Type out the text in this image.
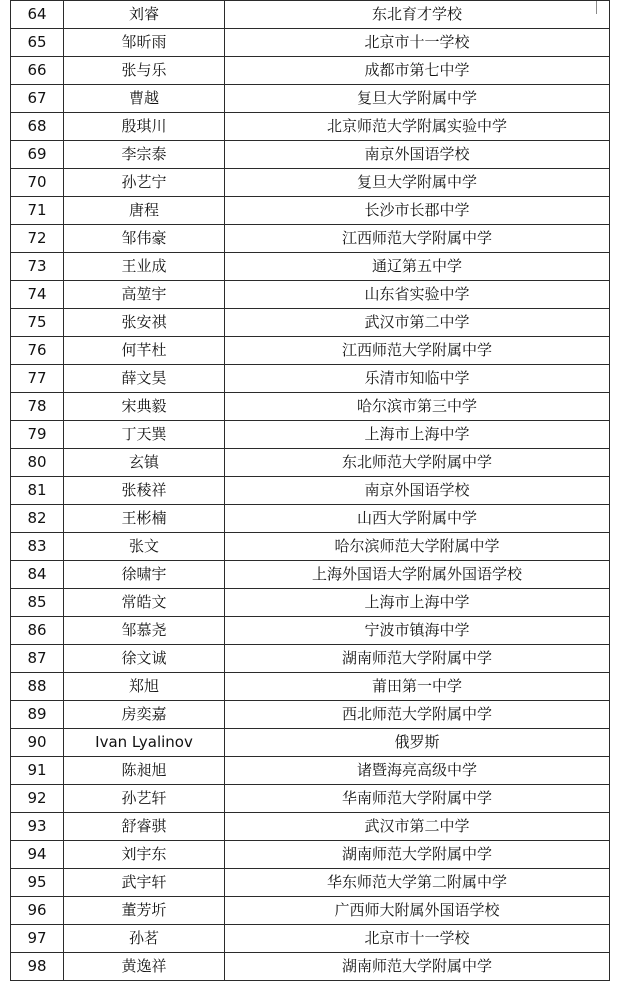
64	刘睿	东北育才学校
65	邹昕雨	北京市十一学校
66	张与乐	成都市第七中学
67	曹越	复旦大学附属中学
68	殷琪川	北京师范大学附属实验中学
69	李宗泰	南京外国语学校
70	孙艺宁	复旦大学附属中学
71	唐程	长沙市长郡中学
72	邹伟豪	江西师范大学附属中学
73	王业成	通辽第五中学
74	高堃宇	山东省实验中学
75	张安祺	武汉市第二中学
76	何芊杜	江西师范大学附属中学
77	薛文昊	乐清市知临中学
78	宋典毅	哈尔滨市第三中学
79	丁天巽	上海市上海中学
80	玄镇	东北师范大学附属中学
81	张稜祥	南京外国语学校
82	王彬楠	山西大学附属中学
83	张文	哈尔滨师范大学附属中学
84	徐啸宇	上海外国语大学附属外国语学校
85	常皓文	上海市上海中学
86	邹慕尧	宁波市镇海中学
87	徐文诚	湖南师范大学附属中学
88	郑旭	莆田第一中学
89	房奕嘉	西北师范大学附属中学
90	Ivan Lyalinov	俄罗斯
91	陈昶旭	诸暨海亮高级中学
92	孙艺轩	华南师范大学附属中学
93	舒睿骐	武汉市第二中学
94	刘宇东	湖南师范大学附属中学
95	武宇轩	华东师范大学第二附属中学
96	董芳圻	广西师大附属外国语学校
97	孙茗	北京市十一学校
98	黄逸祥	湖南师范大学附属中学
